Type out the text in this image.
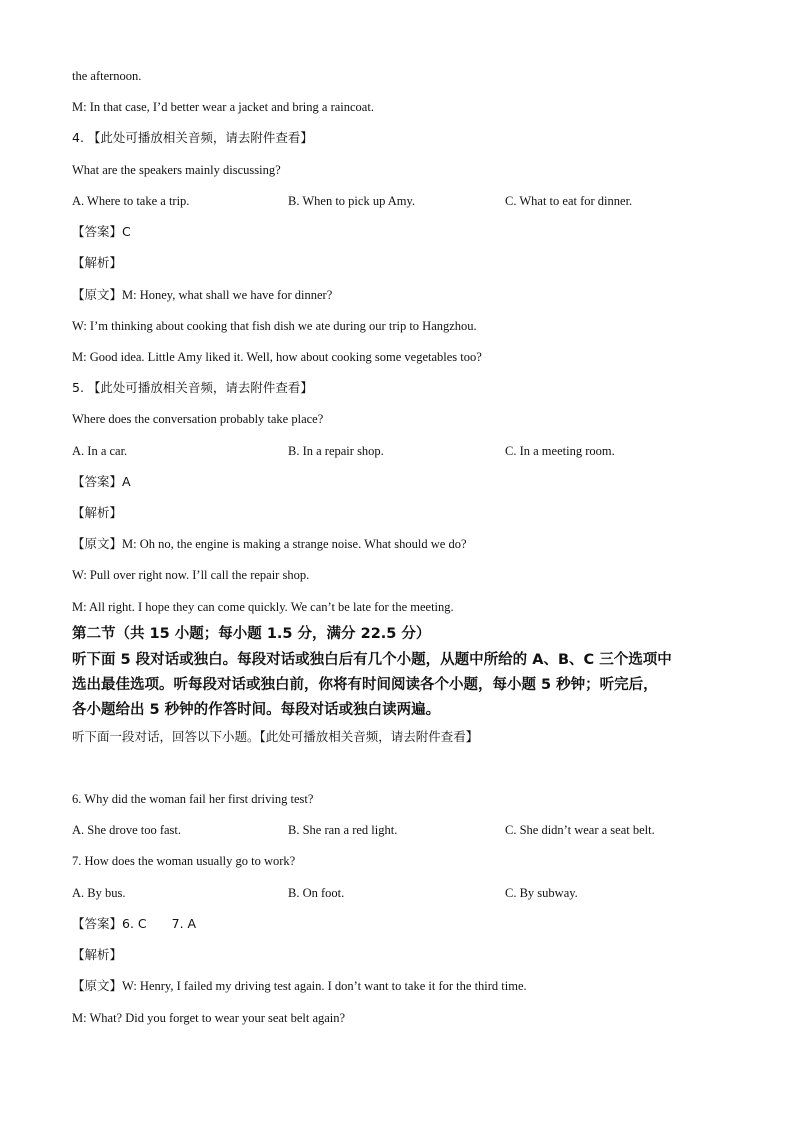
the afternoon.
M: In that case, I’d better wear a jacket and bring a raincoat.
4. 【此处可播放相关音频，请去附件查看】
What are the speakers mainly discussing?
A. Where to take a trip.	B. When to pick up Amy.	C. What to eat for dinner.
【答案】C
【解析】
【原文】M: Honey, what shall we have for dinner?
W: I’m thinking about cooking that fish dish we ate during our trip to Hangzhou.
M: Good idea. Little Amy liked it. Well, how about cooking some vegetables too?
5. 【此处可播放相关音频，请去附件查看】
Where does the conversation probably take place?
A. In a car.	B. In a repair shop.	C. In a meeting room.
【答案】A
【解析】
【原文】M: Oh no, the engine is making a strange noise. What should we do?
W: Pull over right now. I’ll call the repair shop.
M: All right. I hope they can come quickly. We can’t be late for the meeting.
第二节（共 15 小题；每小题 1.5 分，满分 22.5 分）
听下面 5 段对话或独白。每段对话或独白后有几个小题，从题中所给的 A、B、C 三个选项中
选出最佳选项。听每段对话或独白前，你将有时间阅读各个小题，每小题 5 秒钟；听完后，
各小题给出 5 秒钟的作答时间。每段对话或独白读两遍。
听下面一段对话，回答以下小题。【此处可播放相关音频，请去附件查看】
6. Why did the woman fail her first driving test?
A. She drove too fast.	B. She ran a red light.	C. She didn’t wear a seat belt.
7. How does the woman usually go to work?
A. By bus.	B. On foot.	C. By subway.
【答案】6. C　　7. A
【解析】
【原文】W: Henry, I failed my driving test again. I don’t want to take it for the third time.
M: What? Did you forget to wear your seat belt again?
